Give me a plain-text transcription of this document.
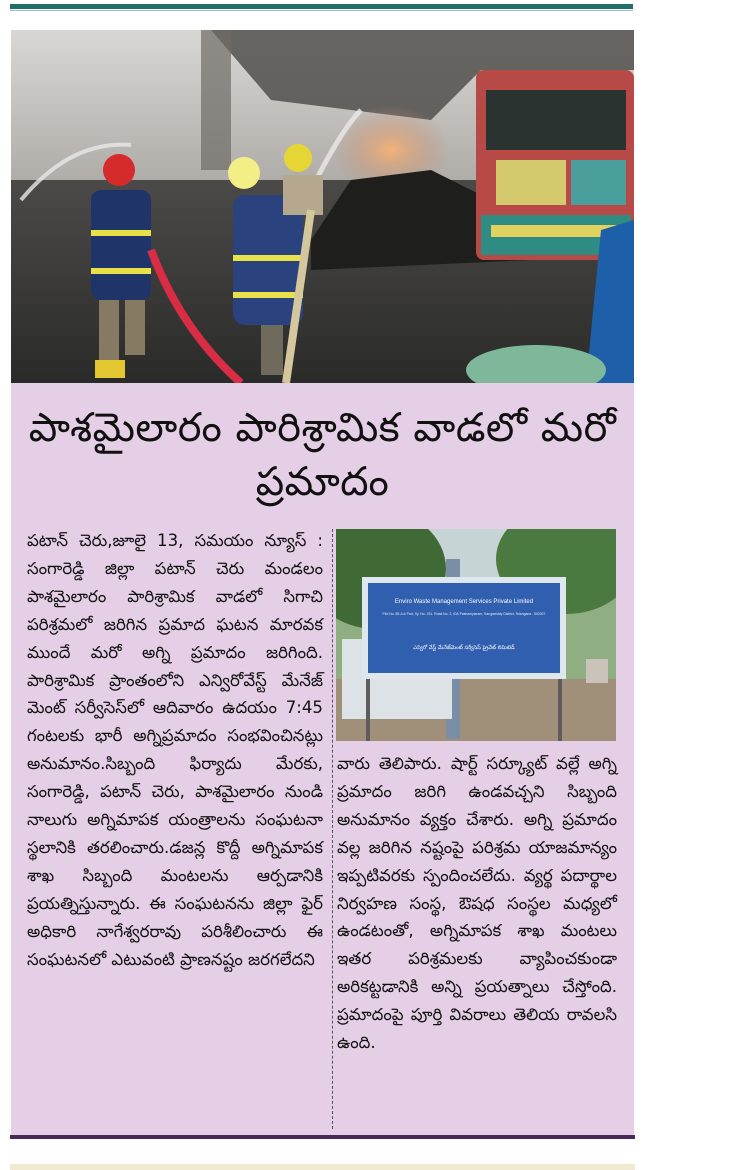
పాశమైలారం పారిశ్రామిక వాడలో మరో
ప్రమాదం

పటాన్ చెరు,జూలై 13, సమయం న్యూస్ : సంగారెడ్డి జిల్లా పటాన్ చెరు మండలం పాశమైలారం పారిశ్రామిక వాడలో సిగాచి పరిశ్రమలో జరిగిన ప్రమాద ఘటన మారవక ముందే మరో అగ్ని ప్రమాదం జరిగింది. పారిశ్రామిక ప్రాంతంలోని ఎన్విరోవేస్ట్ మేనేజ్ మెంట్ సర్వీసెస్‌లో ఆదివారం ఉదయం 7:45 గంటలకు భారీ అగ్నిప్రమాదం సంభవించినట్లు అనుమానం.సిబ్బంది ఫిర్యాదు మేరకు, సంగారెడ్డి, పటాన్ చెరు, పాశమైలారం నుండి నాలుగు అగ్నిమాపక యంత్రాలను సంఘటనా స్థలానికి తరలించారు.డజన్ల కొద్దీ అగ్నిమాపక శాఖ సిబ్బంది మంటలను ఆర్పడానికి ప్రయత్నిస్తున్నారు. ఈ సంఘటనను జిల్లా ఫైర్ అధికారి నాగేశ్వరరావు పరిశీలించారు ఈ సంఘటనలో ఎటువంటి ప్రాణనష్టం జరగలేదని

Enviro Waste Management Services Private Limited
Plot No. 85-A & Part, Sy. No. 231, Road No. 2, IDA Pashamylaram, Sangareddy District, Telangana - 502307
ఎన్విరో వేస్ట్ మేనేజ్‌మెంట్ సర్వీసెస్ ప్రైవేట్ లిమిటెడ్

వారు తెలిపారు. షార్ట్ సర్క్యూట్ వల్లే అగ్ని ప్రమాదం జరిగి ఉండవచ్చని సిబ్బంది అనుమానం వ్యక్తం చేశారు. అగ్ని ప్రమాదం వల్ల జరిగిన నష్టంపై పరిశ్రమ యాజమాన్యం ఇప్పటివరకు స్పందించలేదు. వ్యర్థ పదార్థాల నిర్వహణ సంస్థ, ఔషధ సంస్థల మధ్యలో ఉండటంతో, అగ్నిమాపక శాఖ మంటలు ఇతర పరిశ్రమలకు వ్యాపించకుండా అరికట్టడానికి అన్ని ప్రయత్నాలు చేస్తోంది. ప్రమాదంపై పూర్తి వివరాలు తెలియ రావలసి ఉంది.
